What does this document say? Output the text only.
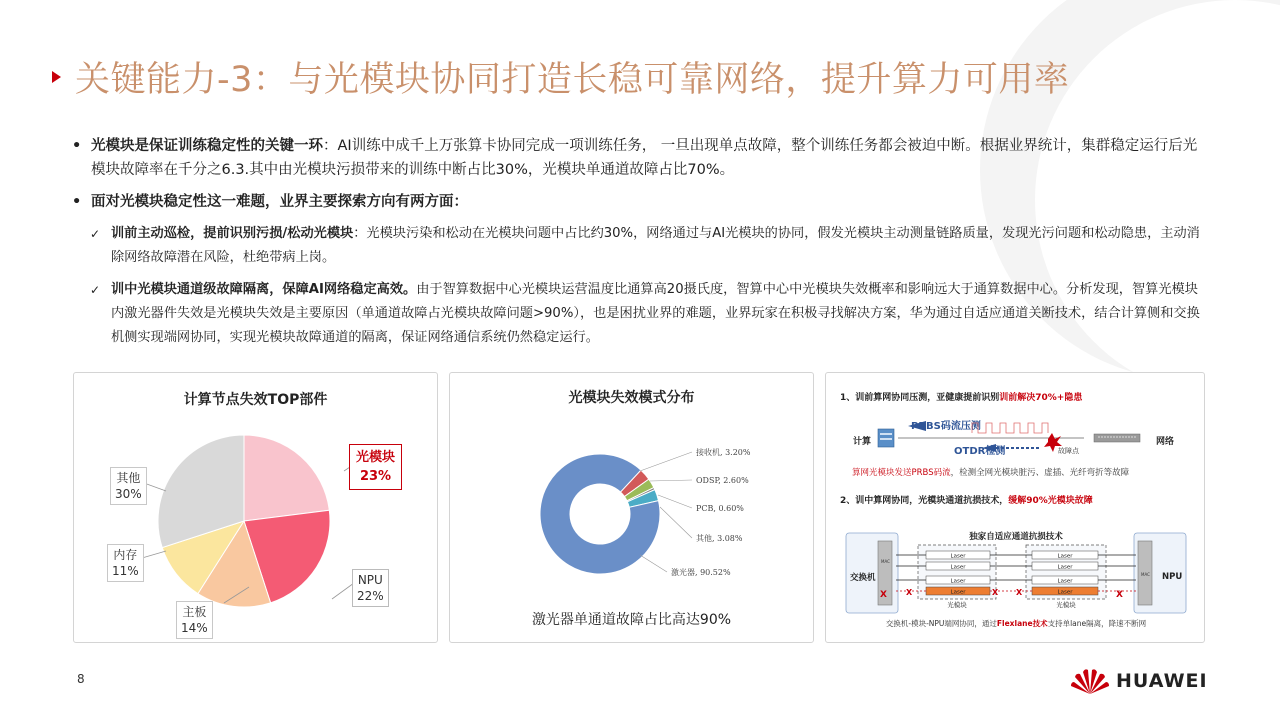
关键能力-3：与光模块协同打造长稳可靠网络，提升算力可用率
• 光模块是保证训练稳定性的关键一环：AI训练中成千上万张算卡协同完成一项训练任务， 一旦出现单点故障，整个训练任务都会被迫中断。根据业界统计，集群稳定运行后光模块故障率在千分之6.3.其中由光模块污损带来的训练中断占比30%，光模块单通道故障占比70%。
• 面对光模块稳定性这一难题，业界主要探索方向有两方面：
✓ 训前主动巡检，提前识别污损/松动光模块：光模块污染和松动在光模块问题中占比约30%，网络通过与AI光模块的协同，假发光模块主动测量链路质量，发现光污问题和松动隐患，主动消除网络故障潜在风险，杜绝带病上岗。
✓ 训中光模块通道级故障隔离，保障AI网络稳定高效。由于智算数据中心光模块运营温度比通算高20摄氏度，智算中心中光模块失效概率和影响远大于通算数据中心。分析发现，智算光模块内激光器件失效是光模块失效是主要原因（单通道故障占光模块故障问题>90%），也是困扰业界的难题，业界玩家在积极寻找解决方案，华为通过自适应通道关断技术，结合计算侧和交换机侧实现端网协同，实现光模块故障通道的隔离，保证网络通信系统仍然稳定运行。
计算节点失效TOP部件
光模块
23%
NPU
22%
主板
14%
内存
11%
其他
30%
光模块失效模式分布
接收机, 3.20%
ODSP, 2.60%
PCB, 0.60%
其他, 3.08%
激光器, 90.52%
激光器单通道故障占比高达90%
1、训前算网协同压测，亚健康提前识别训前解决70%+隐患
计算
PRBS码流压测
OTDR检测	故障点
网络
算网光模块发送PRBS码流，检测全网光模块脏污、虚插、光纤弯折等故障
2、训中算网协同，光模块通道抗损技术，缓解90%光模块故障
独家自适应通道抗损技术
交换机
MAC
X
MAC NPU
X
Laser
Laser
Laser
Laser
Laser
Laser
Laser
Laser
X	X X
光模块	光模块
交换机-模块-NPU端网协同，通过Flexlane技术支持单lane隔离，降速不断网
8	HUAWEI
